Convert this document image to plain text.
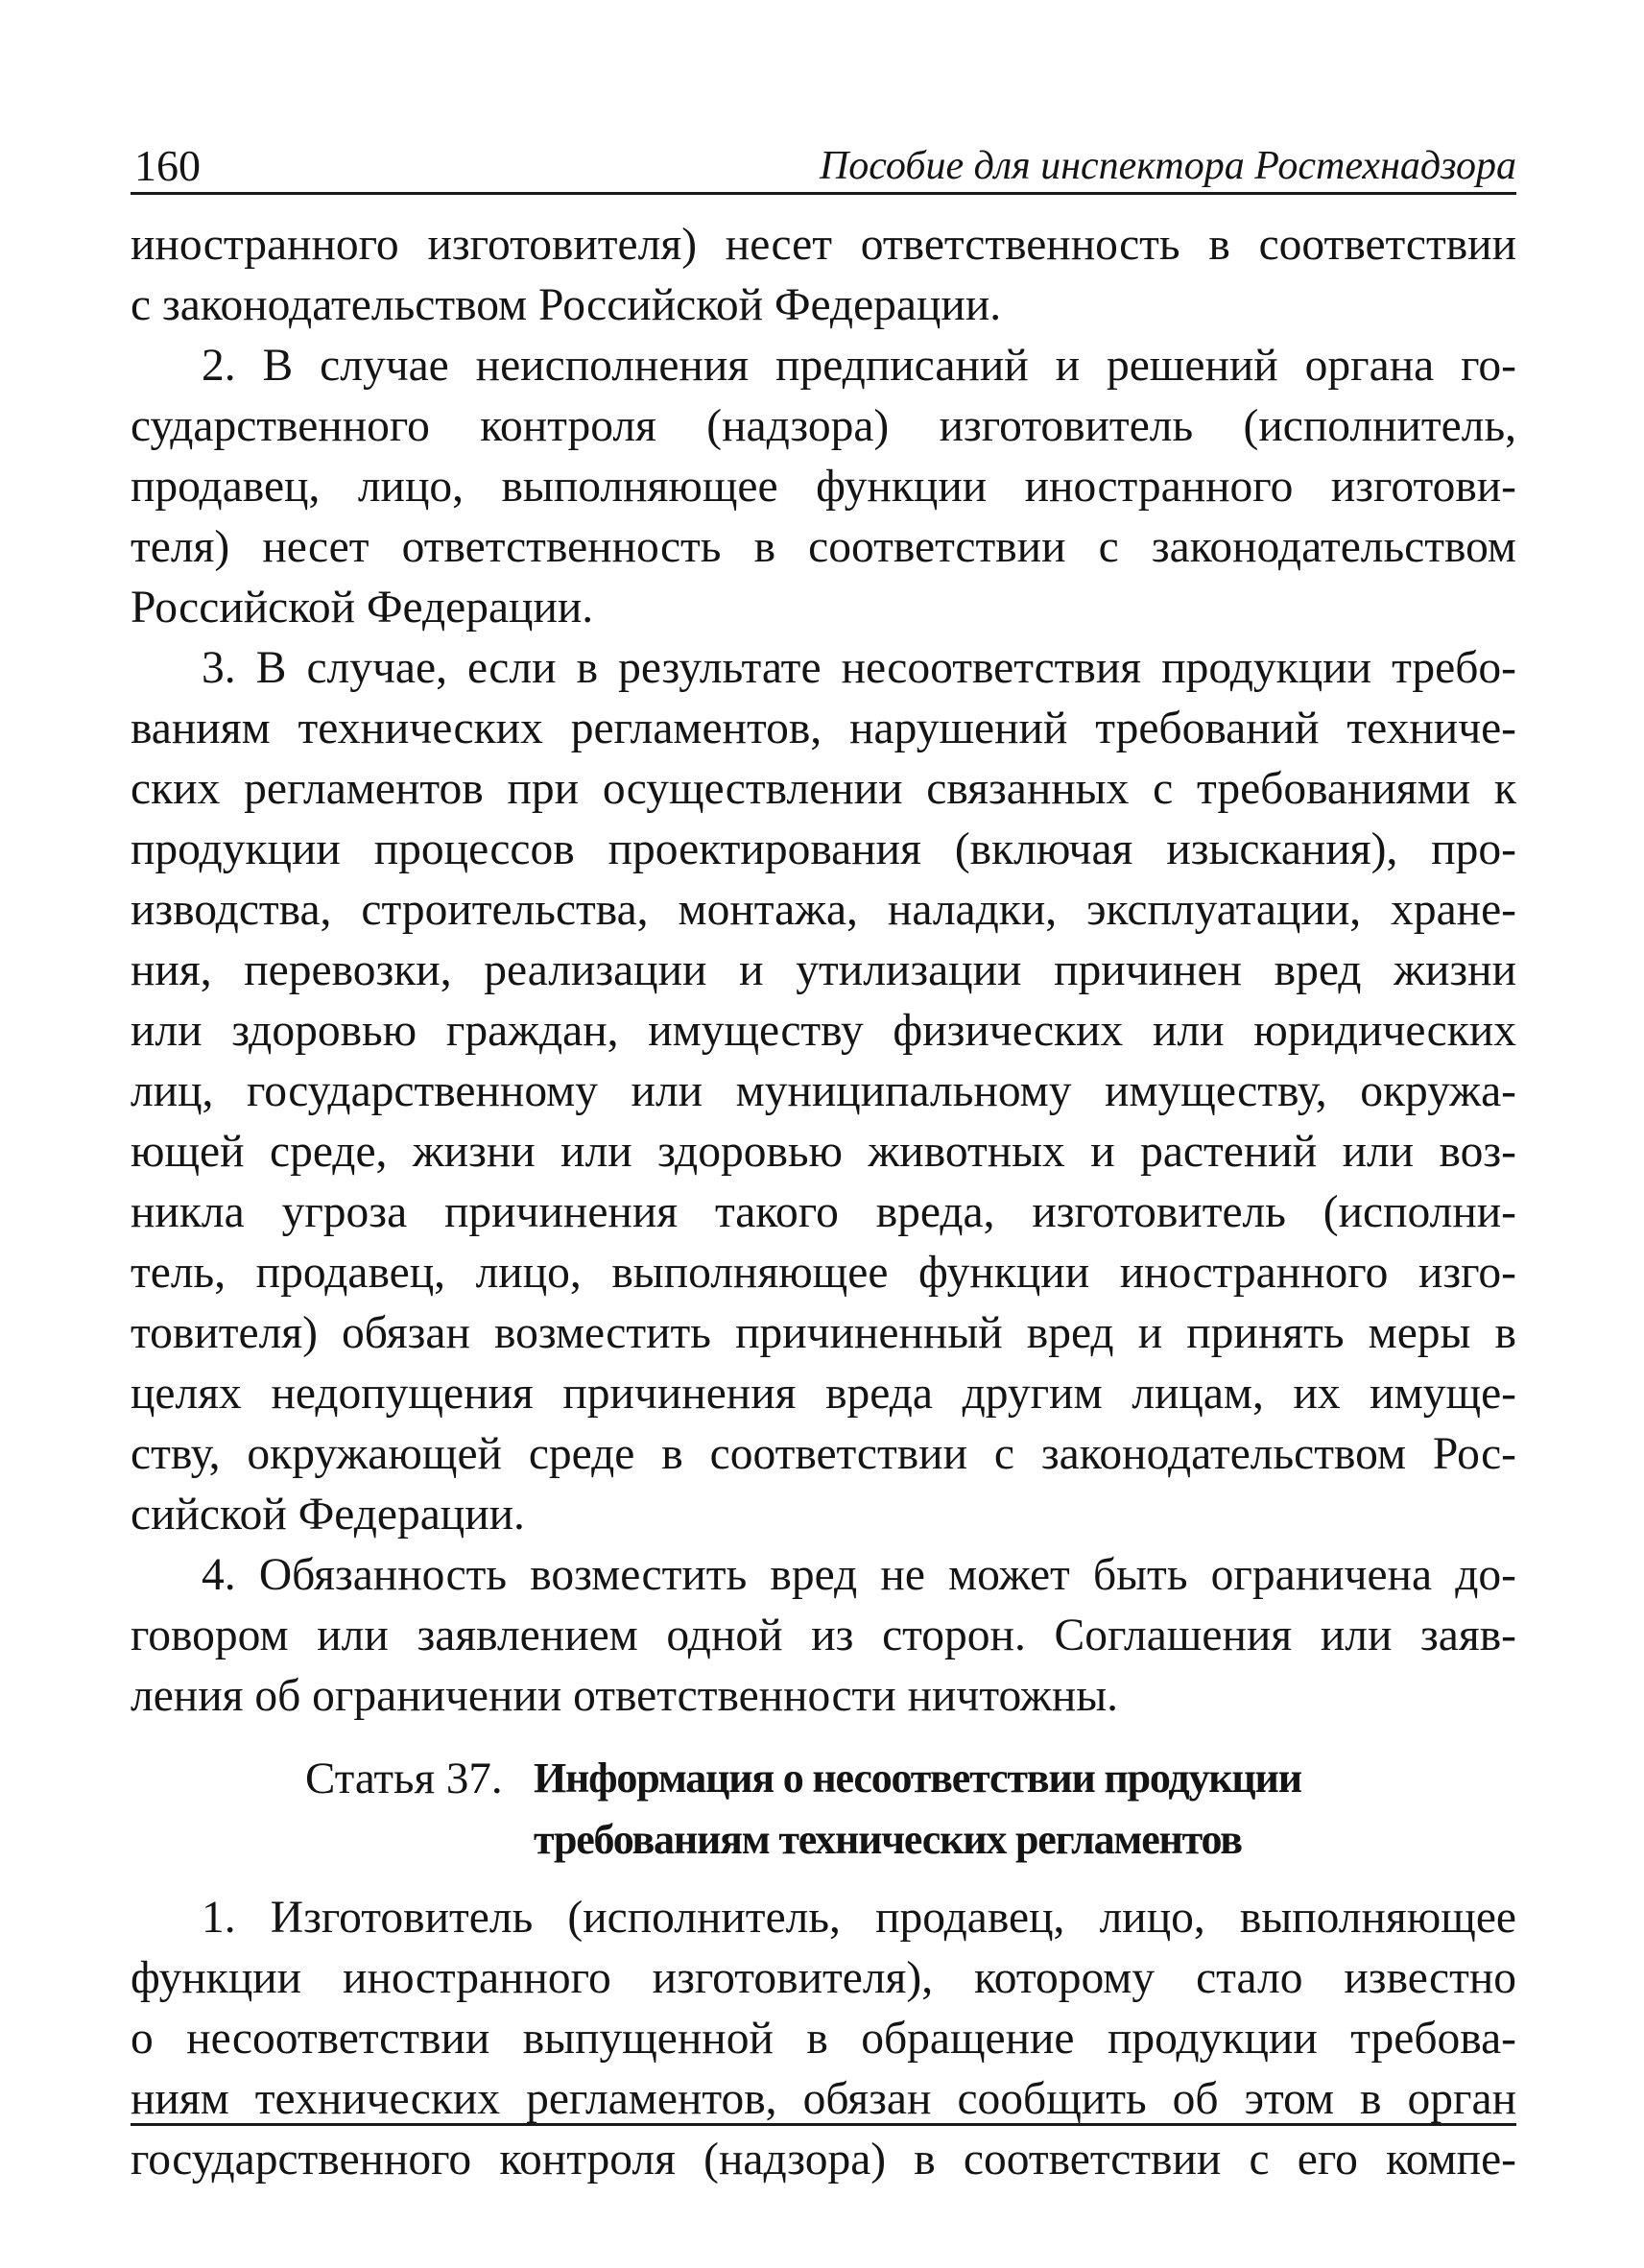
160	Пособие для инспектора Ростехнадзора

иностранного изготовителя) несет ответственность в соответствии
с законодательством Российской Федерации.

2. В случае неисполнения предписаний и решений органа го-
сударственного контроля (надзора) изготовитель (исполнитель,
продавец, лицо, выполняющее функции иностранного изготови-
теля) несет ответственность в соответствии с законодательством
Российской Федерации.

3. В случае, если в результате несоответствия продукции требо-
ваниям технических регламентов, нарушений требований техниче-
ских регламентов при осуществлении связанных с требованиями к
продукции процессов проектирования (включая изыскания), про-
изводства, строительства, монтажа, наладки, эксплуатации, хране-
ния, перевозки, реализации и утилизации причинен вред жизни
или здоровью граждан, имуществу физических или юридических
лиц, государственному или муниципальному имуществу, окружа-
ющей среде, жизни или здоровью животных и растений или воз-
никла угроза причинения такого вреда, изготовитель (исполни-
тель, продавец, лицо, выполняющее функции иностранного изго-
товителя) обязан возместить причиненный вред и принять меры в
целях недопущения причинения вреда другим лицам, их имуще-
ству, окружающей среде в соответствии с законодательством Рос-
сийской Федерации.

4. Обязанность возместить вред не может быть ограничена до-
говором или заявлением одной из сторон. Соглашения или заяв-
ления об ограничении ответственности ничтожны.

Статья 37. Информация о несоответствии продукции
требованиям технических регламентов

1. Изготовитель (исполнитель, продавец, лицо, выполняющее
функции иностранного изготовителя), которому стало известно
о несоответствии выпущенной в обращение продукции требова-
ниям технических регламентов, обязан сообщить об этом в орган
государственного контроля (надзора) в соответствии с его компе-
